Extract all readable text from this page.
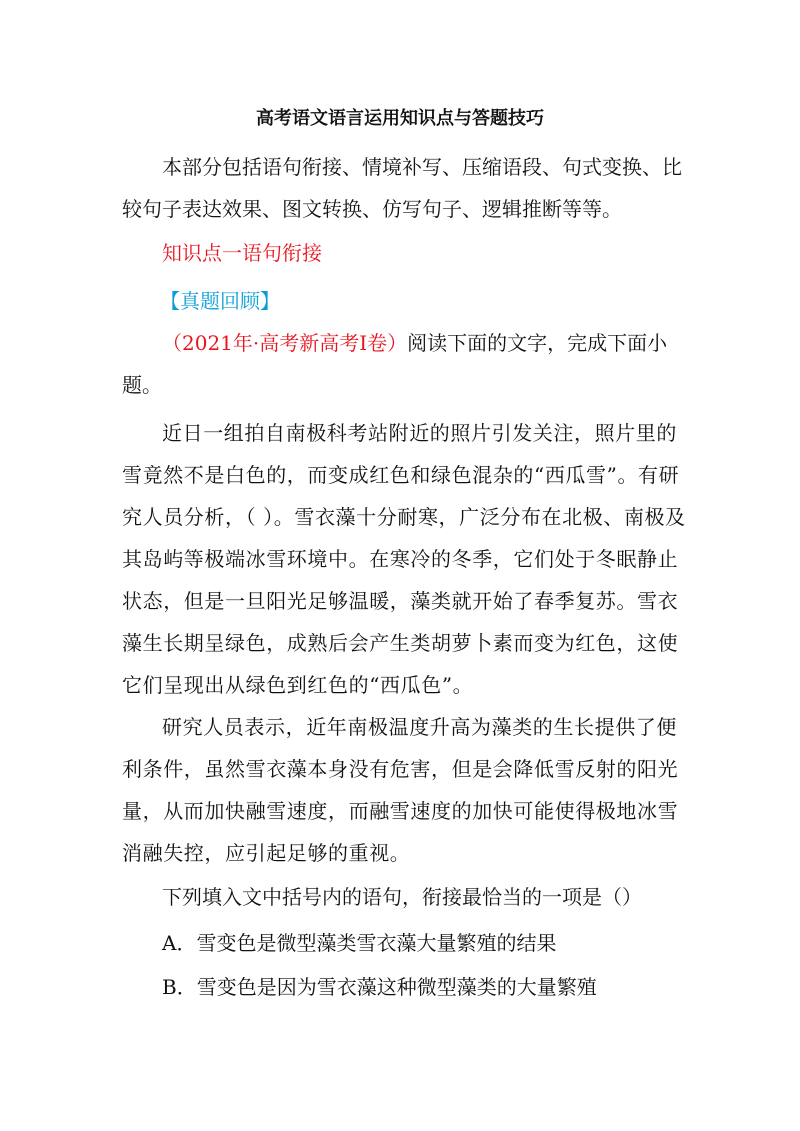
高考语文语言运用知识点与答题技巧

本部分包括语句衔接、情境补写、压缩语段、句式变换、比较句子表达效果、图文转换、仿写句子、逻辑推断等等。

知识点一语句衔接
【真题回顾】

（2021年·高考新高考I卷）阅读下面的文字，完成下面小题。

近日一组拍自南极科考站附近的照片引发关注，照片里的雪竟然不是白色的，而变成红色和绿色混杂的“西瓜雪”。有研究人员分析，（ ）。雪衣藻十分耐寒，广泛分布在北极、南极及其岛屿等极端冰雪环境中。在寒冷的冬季，它们处于冬眠静止状态，但是一旦阳光足够温暖，藻类就开始了春季复苏。雪衣藻生长期呈绿色，成熟后会产生类胡萝卜素而变为红色，这使它们呈现出从绿色到红色的“西瓜色”。

研究人员表示，近年南极温度升高为藻类的生长提供了便利条件，虽然雪衣藻本身没有危害，但是会降低雪反射的阳光量，从而加快融雪速度，而融雪速度的加快可能使得极地冰雪消融失控，应引起足够的重视。

下列填入文中括号内的语句，衔接最恰当的一项是（）

A．雪变色是微型藻类雪衣藻大量繁殖的结果
B．雪变色是因为雪衣藻这种微型藻类的大量繁殖
